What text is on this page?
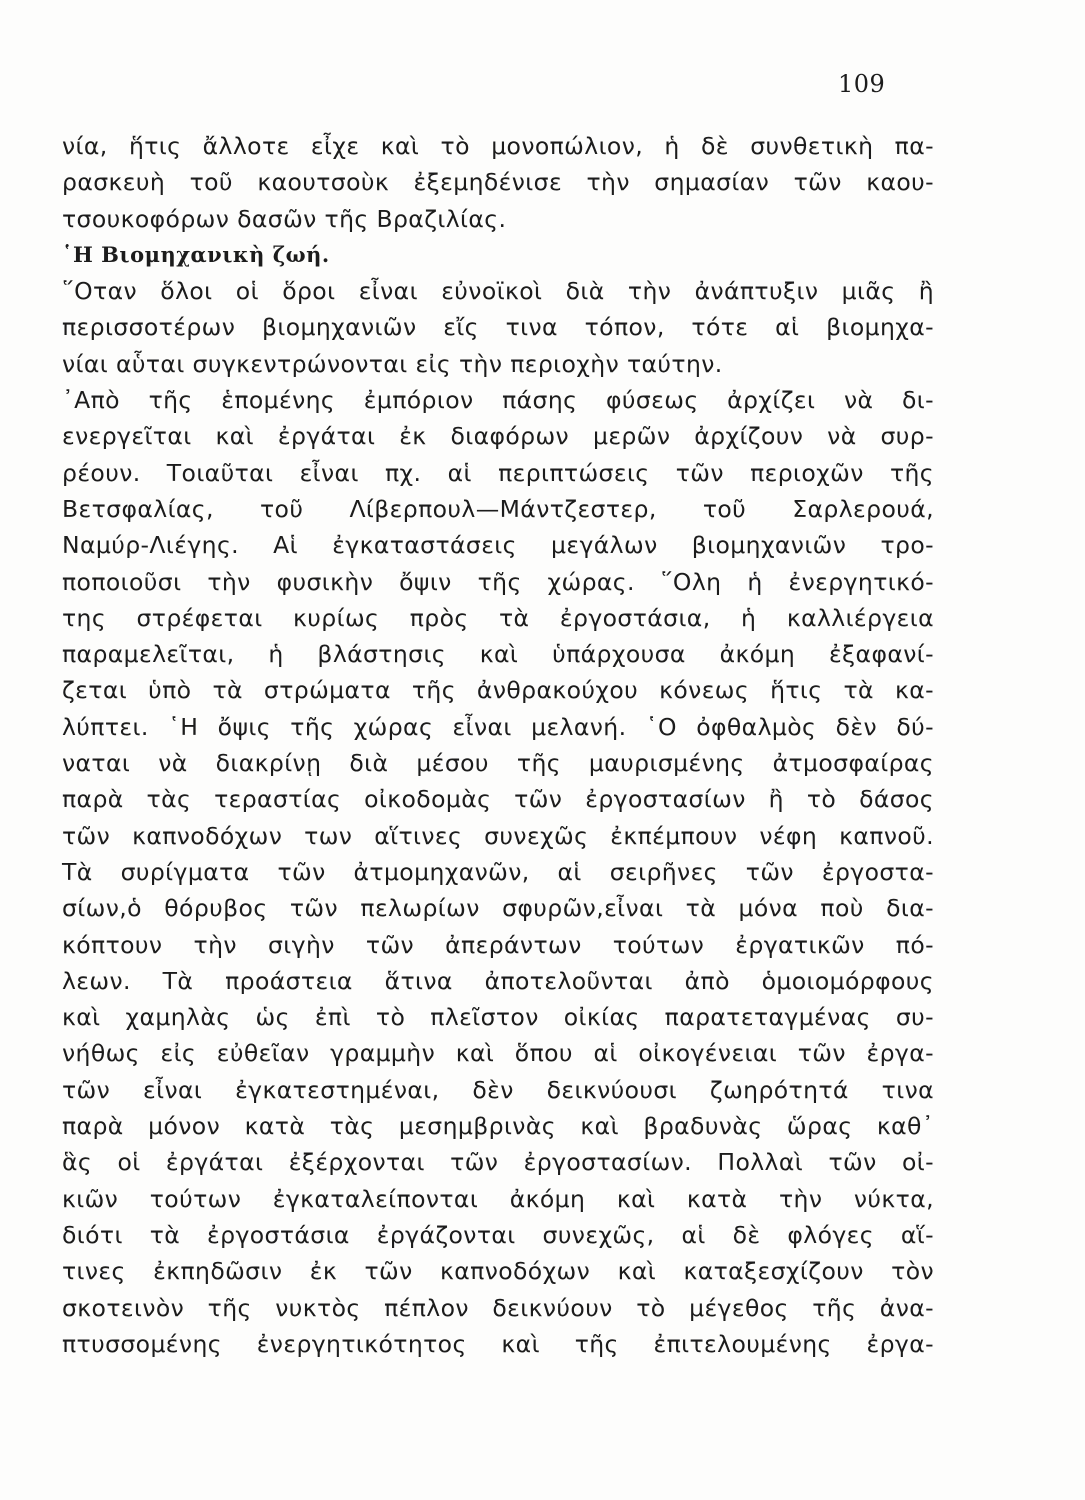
109
νία, ἥτις ἄλλοτε εἶχε καὶ τὸ μονοπώλιον, ἡ δὲ συνθετικὴ πα-
ρασκευὴ τοῦ καουτσοὺκ ἐξεμηδένισε τὴν σημασίαν τῶν καου-
τσουκοφόρων δασῶν τῆς Βραζιλίας.
῾Η Βιομηχανικὴ ζωή.
῞Οταν ὅλοι οἱ ὅροι εἶναι εὐνοϊκοὶ διὰ τὴν ἀνάπτυξιν μιᾶς ἢ
περισσοτέρων βιομηχανιῶν εἴς τινα τόπον, τότε αἱ βιομηχα-
νίαι αὗται συγκεντρώνονται εἰς τὴν περιοχὴν ταύτην.
᾿Απὸ τῆς ἑπομένης ἐμπόριον πάσης φύσεως ἀρχίζει νὰ δι-
ενεργεῖται καὶ ἐργάται ἐκ διαφόρων μερῶν ἀρχίζουν νὰ συρ-
ρέουν. Τοιαῦται εἶναι πχ. αἱ περιπτώσεις τῶν περιοχῶν τῆς
Βετσφαλίας, τοῦ Λίβερπουλ—Μάντζεστερ, τοῦ Σαρλερουά,
Ναμύρ-Λιέγης. Αἱ ἐγκαταστάσεις μεγάλων βιομηχανιῶν τρο-
ποποιοῦσι τὴν φυσικὴν ὄψιν τῆς χώρας. ῞Ολη ἡ ἐνεργητικό-
της στρέφεται κυρίως πρὸς τὰ ἐργοστάσια, ἡ καλλιέργεια
παραμελεῖται, ἡ βλάστησις καὶ ὑπάρχουσα ἀκόμη ἐξαφανί-
ζεται ὑπὸ τὰ στρώματα τῆς ἀνθρακούχου κόνεως ἥτις τὰ κα-
λύπτει. ῾Η ὄψις τῆς χώρας εἶναι μελανή. ῾Ο ὀφθαλμὸς δὲν δύ-
ναται νὰ διακρίνῃ διὰ μέσου τῆς μαυρισμένης ἀτμοσφαίρας
παρὰ τὰς τεραστίας οἰκοδομὰς τῶν ἐργοστασίων ἢ τὸ δάσος
τῶν καπνοδόχων των αἵτινες συνεχῶς ἐκπέμπουν νέφη καπνοῦ.
Τὰ συρίγματα τῶν ἀτμομηχανῶν, αἱ σειρῆνες τῶν ἐργοστα-
σίων,ὁ θόρυβος τῶν πελωρίων σφυρῶν,εἶναι τὰ μόνα ποὺ δια-
κόπτουν τὴν σιγὴν τῶν ἀπεράντων τούτων ἐργατικῶν πό-
λεων. Τὰ προάστεια ἅτινα ἀποτελοῦνται ἀπὸ ὁμοιομόρφους
καὶ χαμηλὰς ὡς ἐπὶ τὸ πλεῖστον οἰκίας παρατεταγμένας συ-
νήθως εἰς εὐθεῖαν γραμμὴν καὶ ὅπου αἱ οἰκογένειαι τῶν ἐργα-
τῶν εἶναι ἐγκατεστημέναι, δὲν δεικνύουσι ζωηρότητά τινα
παρὰ μόνον κατὰ τὰς μεσημβρινὰς καὶ βραδυνὰς ὥρας καθ᾽
ἃς οἱ ἐργάται ἐξέρχονται τῶν ἐργοστασίων. Πολλαὶ τῶν οἰ-
κιῶν τούτων ἐγκαταλείπονται ἀκόμη καὶ κατὰ τὴν νύκτα,
διότι τὰ ἐργοστάσια ἐργάζονται συνεχῶς, αἱ δὲ φλόγες αἵ-
τινες ἐκπηδῶσιν ἐκ τῶν καπνοδόχων καὶ καταξεσχίζουν τὸν
σκοτεινὸν τῆς νυκτὸς πέπλον δεικνύουν τὸ μέγεθος τῆς ἀνα-
πτυσσομένης ἐνεργητικότητος καὶ τῆς ἐπιτελουμένης ἐργα-
